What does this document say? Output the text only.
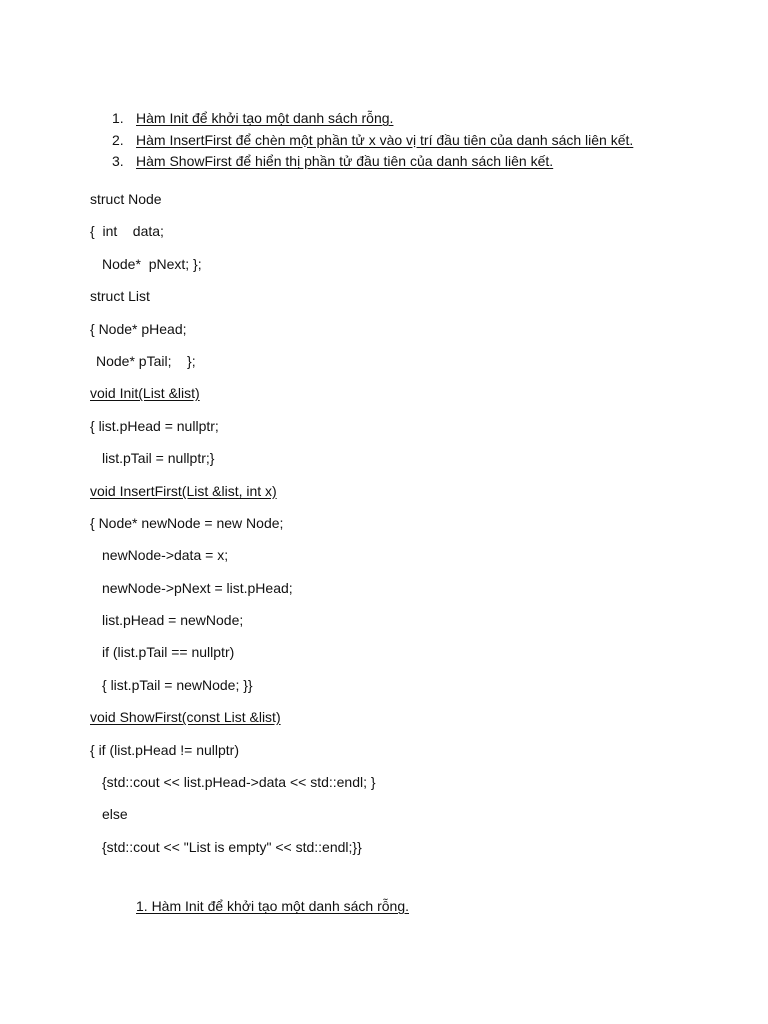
1. Hàm Init để khởi tạo một danh sách rỗng.
2. Hàm InsertFirst để chèn một phần tử x vào vị trí đầu tiên của danh sách liên kết.
3. Hàm ShowFirst để hiển thị phần tử đầu tiên của danh sách liên kết.
struct Node
{  int    data;
Node*  pNext; };
struct List
{ Node* pHead;
Node* pTail;    };
void Init(List &list)
{ list.pHead = nullptr;
list.pTail = nullptr;}
void InsertFirst(List &list, int x)
{ Node* newNode = new Node;
newNode->data = x;
newNode->pNext = list.pHead;
list.pHead = newNode;
if (list.pTail == nullptr)
{ list.pTail = newNode; }}
void ShowFirst(const List &list)
{ if (list.pHead != nullptr)
{std::cout << list.pHead->data << std::endl; }
else
{std::cout << "List is empty" << std::endl;}}
1. Hàm Init để khởi tạo một danh sách rỗng.
